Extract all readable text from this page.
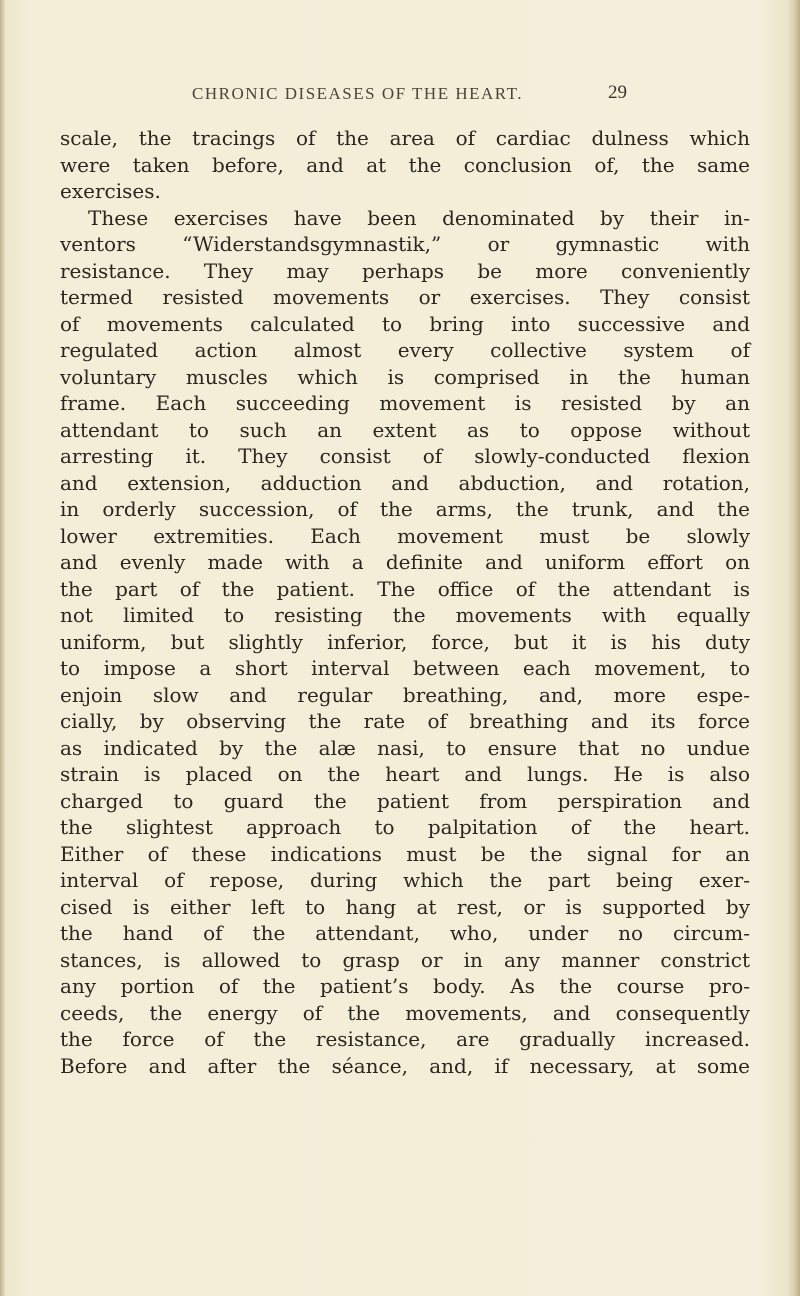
CHRONIC DISEASES OF THE HEART.	29
scale, the tracings of the area of cardiac dulness which
were taken before, and at the conclusion of, the same
exercises.
These exercises have been denominated by their in-
ventors “Widerstandsgymnastik,” or gymnastic with
resistance. They may perhaps be more conveniently
termed resisted movements or exercises. They consist
of movements calculated to bring into successive and
regulated action almost every collective system of
voluntary muscles which is comprised in the human
frame. Each succeeding movement is resisted by an
attendant to such an extent as to oppose without
arresting it. They consist of slowly-conducted flexion
and extension, adduction and abduction, and rotation,
in orderly succession, of the arms, the trunk, and the
lower extremities. Each movement must be slowly
and evenly made with a definite and uniform effort on
the part of the patient. The office of the attendant is
not limited to resisting the movements with equally
uniform, but slightly inferior, force, but it is his duty
to impose a short interval between each movement, to
enjoin slow and regular breathing, and, more espe-
cially, by observing the rate of breathing and its force
as indicated by the alæ nasi, to ensure that no undue
strain is placed on the heart and lungs. He is also
charged to guard the patient from perspiration and
the slightest approach to palpitation of the heart.
Either of these indications must be the signal for an
interval of repose, during which the part being exer-
cised is either left to hang at rest, or is supported by
the hand of the attendant, who, under no circum-
stances, is allowed to grasp or in any manner constrict
any portion of the patient’s body. As the course pro-
ceeds, the energy of the movements, and consequently
the force of the resistance, are gradually increased.
Before and after the séance, and, if necessary, at some
